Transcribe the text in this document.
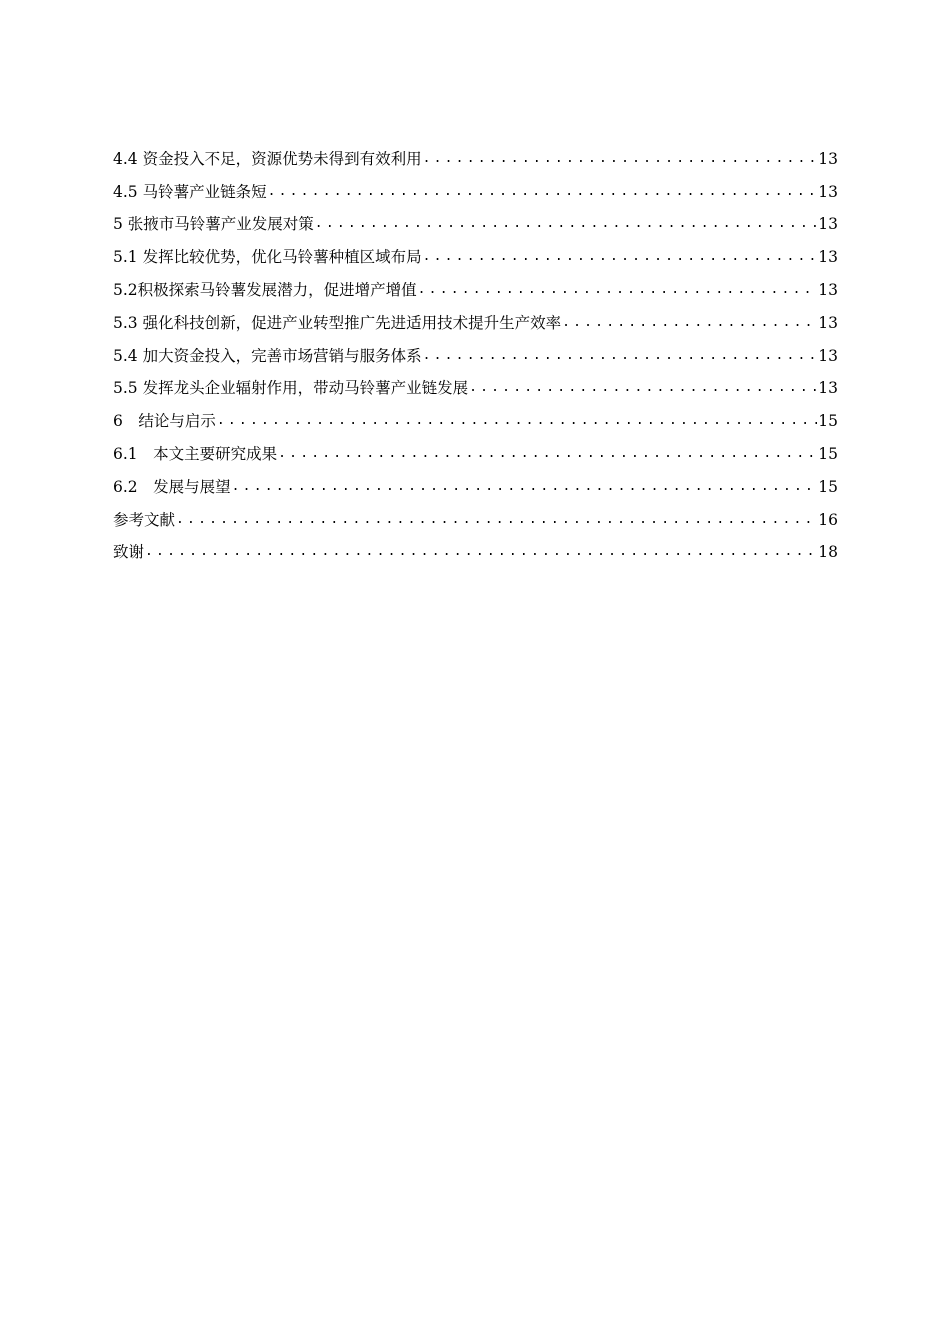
4.4 资金投入不足，资源优势未得到有效利用 .....	13
4.5 马铃薯产业链条短 .....	13
5 张掖市马铃薯产业发展对策 .....	13
5.1 发挥比较优势，优化马铃薯种植区域布局 .....	13
5.2积极探索马铃薯发展潜力，促进增产增值 .....	13
5.3 强化科技创新，促进产业转型推广先进适用技术提升生产效率 .....	13
5.4 加大资金投入，完善市场营销与服务体系 .....	13
5.5 发挥龙头企业辐射作用，带动马铃薯产业链发展 .....	13
6　结论与启示 .....	15
6.1　本文主要研究成果 .....	15
6.2　发展与展望 .....	15
参考文献 .....	16
致谢 .....	18
